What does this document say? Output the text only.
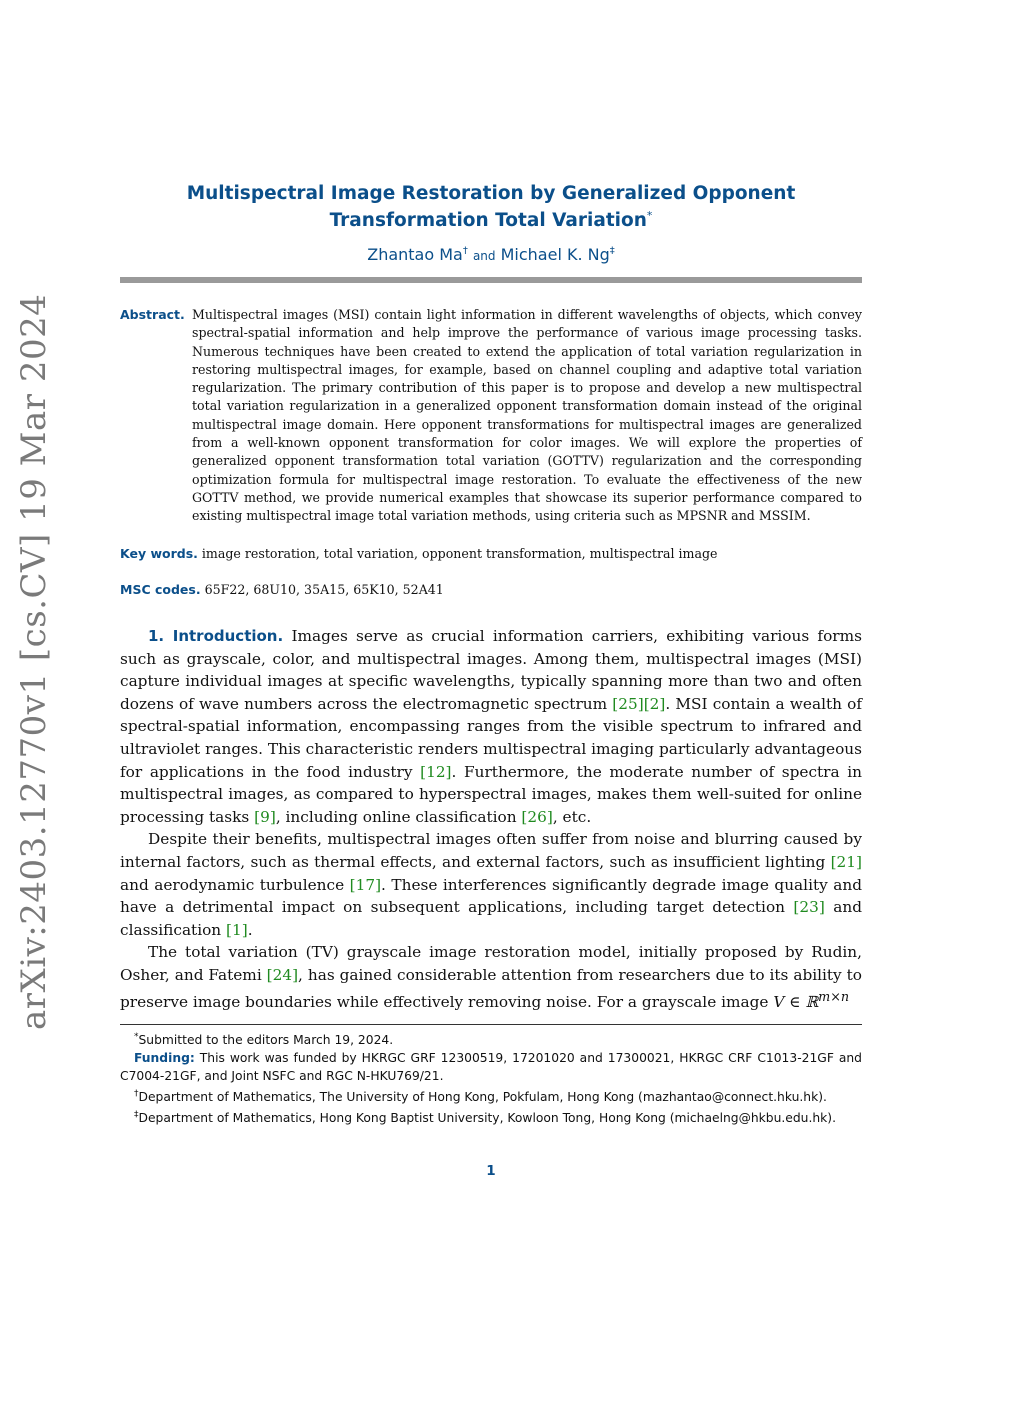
arXiv:2403.12770v1 [cs.CV] 19 Mar 2024
Multispectral Image Restoration by Generalized Opponent Transformation Total Variation*
Zhantao Ma† and Michael K. Ng‡
Abstract. Multispectral images (MSI) contain light information in different wavelengths of objects, which convey spectral-spatial information and help improve the performance of various image processing tasks. Numerous techniques have been created to extend the application of total variation regularization in restoring multispectral images, for example, based on channel coupling and adaptive total variation regularization. The primary contribution of this paper is to propose and develop a new multispectral total variation regularization in a generalized opponent transformation domain instead of the original multispectral image domain. Here opponent transformations for multispectral images are generalized from a well-known opponent transformation for color images. We will explore the properties of generalized opponent transformation total variation (GOTTV) regularization and the corresponding optimization formula for multispectral image restoration. To evaluate the effectiveness of the new GOTTV method, we provide numerical examples that showcase its superior performance compared to existing multispectral image total variation methods, using criteria such as MPSNR and MSSIM.
Key words. image restoration, total variation, opponent transformation, multispectral image
MSC codes. 65F22, 68U10, 35A15, 65K10, 52A41

1. Introduction. Images serve as crucial information carriers, exhibiting various forms such as grayscale, color, and multispectral images. Among them, multispectral images (MSI) capture individual images at specific wavelengths, typically spanning more than two and often dozens of wave numbers across the electromagnetic spectrum [25][2]. MSI contain a wealth of spectral-spatial information, encompassing ranges from the visible spectrum to infrared and ultraviolet ranges. This characteristic renders multispectral imaging particularly advantageous for applications in the food industry [12]. Furthermore, the moderate number of spectra in multispectral images, as compared to hyperspectral images, makes them well-suited for online processing tasks [9], including online classification [26], etc.

Despite their benefits, multispectral images often suffer from noise and blurring caused by internal factors, such as thermal effects, and external factors, such as insufficient lighting [21] and aerodynamic turbulence [17]. These interferences significantly degrade image quality and have a detrimental impact on subsequent applications, including target detection [23] and classification [1].

The total variation (TV) grayscale image restoration model, initially proposed by Rudin, Osher, and Fatemi [24], has gained considerable attention from researchers due to its ability to preserve image boundaries while effectively removing noise. For a grayscale image V ∈ ℝ$^{m\times n}$

*Submitted to the editors March 19, 2024.

Funding: This work was funded by HKRGC GRF 12300519, 17201020 and 17300021, HKRGC CRF C1013-21GF and C7004-21GF, and Joint NSFC and RGC N-HKU769/21.

†Department of Mathematics, The University of Hong Kong, Pokfulam, Hong Kong (mazhantao@connect.hku.hk).

‡Department of Mathematics, Hong Kong Baptist University, Kowloon Tong, Hong Kong (michaelng@hkbu.edu.hk).

1
